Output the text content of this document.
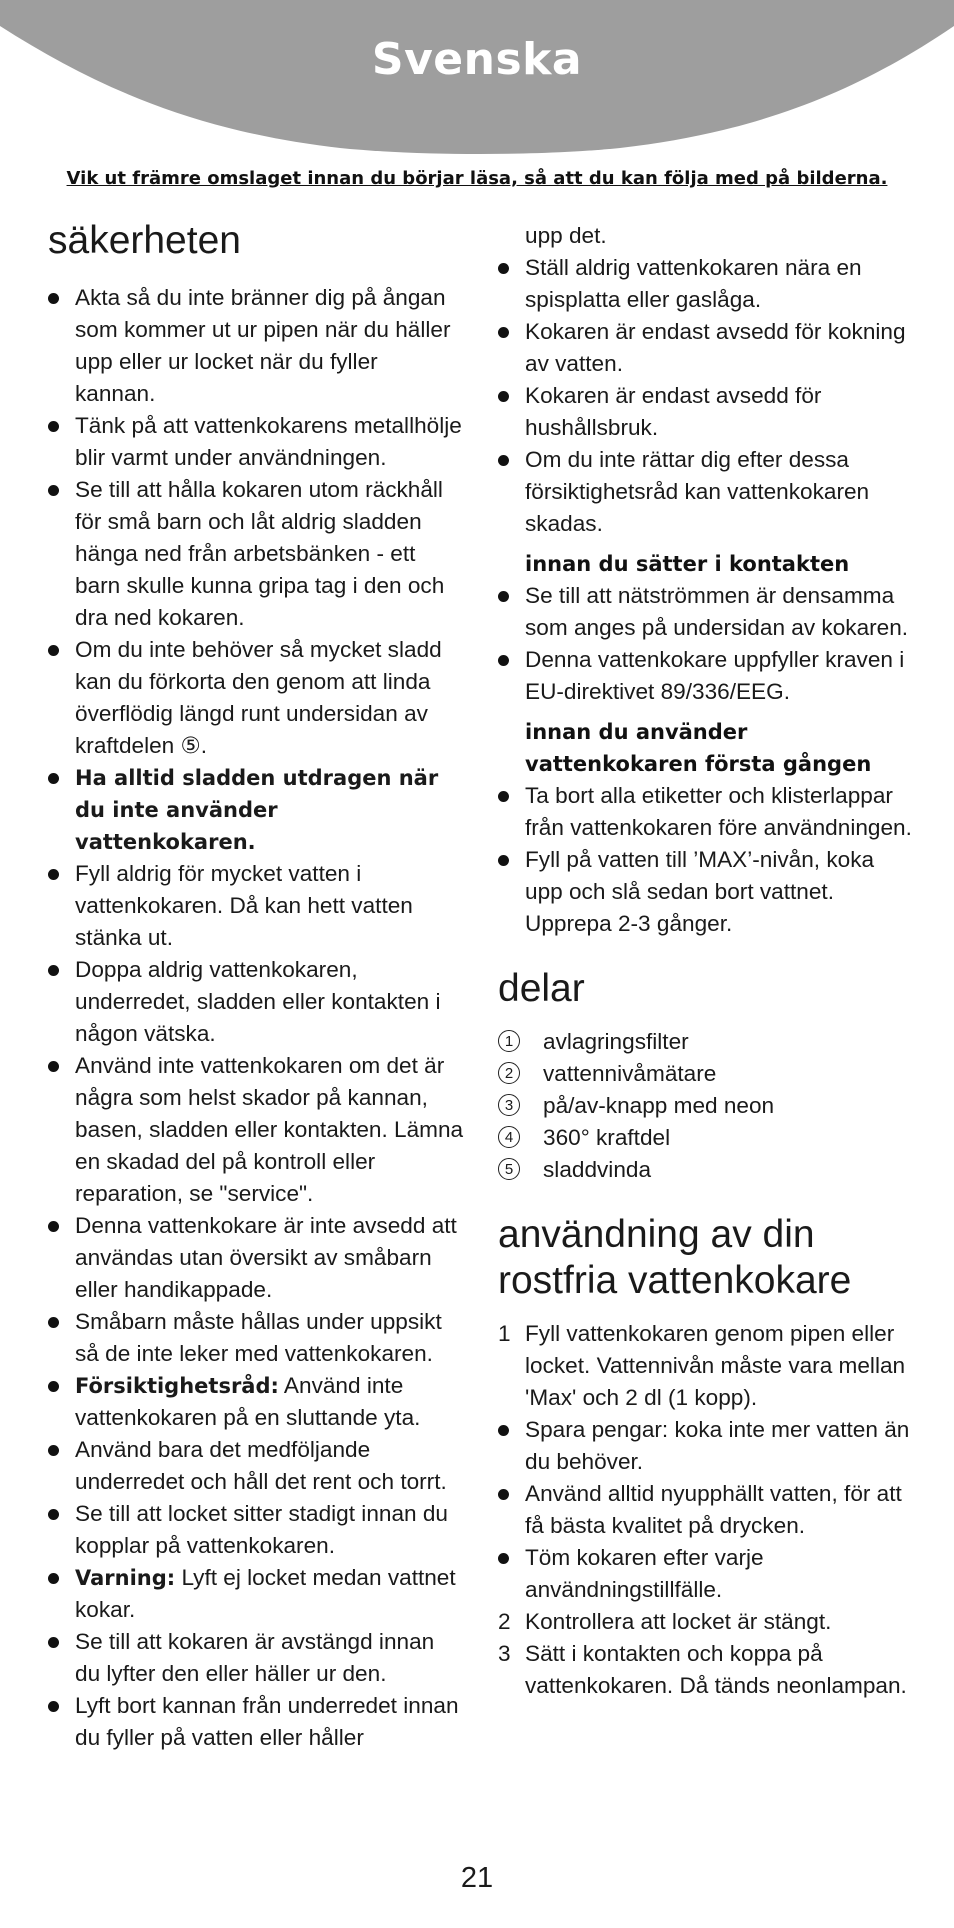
Svenska
Vik ut främre omslaget innan du börjar läsa, så att du kan följa med på bilderna.
säkerheten
Akta så du inte bränner dig på ångan som kommer ut ur pipen när du häller upp eller ur locket när du fyller kannan.
Tänk på att vattenkokarens metallhölje blir varmt under användningen.
Se till att hålla kokaren utom räckhåll för små barn och låt aldrig sladden hänga ned från arbetsbänken - ett barn skulle kunna gripa tag i den och dra ned kokaren.
Om du inte behöver så mycket sladd kan du förkorta den genom att linda överflödig längd runt undersidan av kraftdelen ⑤.
Ha alltid sladden utdragen när du inte använder vattenkokaren.
Fyll aldrig för mycket vatten i vattenkokaren. Då kan hett vatten stänka ut.
Doppa aldrig vattenkokaren, underredet, sladden eller kontakten i någon vätska.
Använd inte vattenkokaren om det är några som helst skador på kannan, basen, sladden eller kontakten. Lämna en skadad del på kontroll eller reparation, se "service".
Denna vattenkokare är inte avsedd att användas utan översikt av småbarn eller handikappade.
Småbarn måste hållas under uppsikt så de inte leker med vattenkokaren.
Försiktighetsråd: Använd inte vattenkokaren på en sluttande yta.
Använd bara det medföljande underredet och håll det rent och torrt.
Se till att locket sitter stadigt innan du kopplar på vattenkokaren.
Varning: Lyft ej locket medan vattnet kokar.
Se till att kokaren är avstängd innan du lyfter den eller häller ur den.
Lyft bort kannan från underredet innan du fyller på vatten eller håller
upp det.
Ställ aldrig vattenkokaren nära en spisplatta eller gaslåga.
Kokaren är endast avsedd för kokning av vatten.
Kokaren är endast avsedd för hushållsbruk.
Om du inte rättar dig efter dessa försiktighetsråd kan vattenkokaren skadas.
innan du sätter i kontakten
Se till att nätströmmen är densamma som anges på undersidan av kokaren.
Denna vattenkokare uppfyller kraven i EU-direktivet 89/336/EEG.
innan du använder vattenkokaren första gången
Ta bort alla etiketter och klisterlappar från vattenkokaren före användningen.
Fyll på vatten till ’MAX’-nivån, koka upp och slå sedan bort vattnet. Upprepa 2-3 gånger.
delar
1	avlagringsfilter
2	vattennivåmätare
3	på/av-knapp med neon
4	360° kraftdel
5	sladdvinda
användning av din rostfria vattenkokare
1 Fyll vattenkokaren genom pipen eller locket. Vattennivån måste vara mellan 'Max' och 2 dl (1 kopp).
Spara pengar: koka inte mer vatten än du behöver.
Använd alltid nyupphällt vatten, för att få bästa kvalitet på drycken.
Töm kokaren efter varje användningstillfälle.
2 Kontrollera att locket är stängt.
3 Sätt i kontakten och koppa på vattenkokaren. Då tänds neonlampan.
21
